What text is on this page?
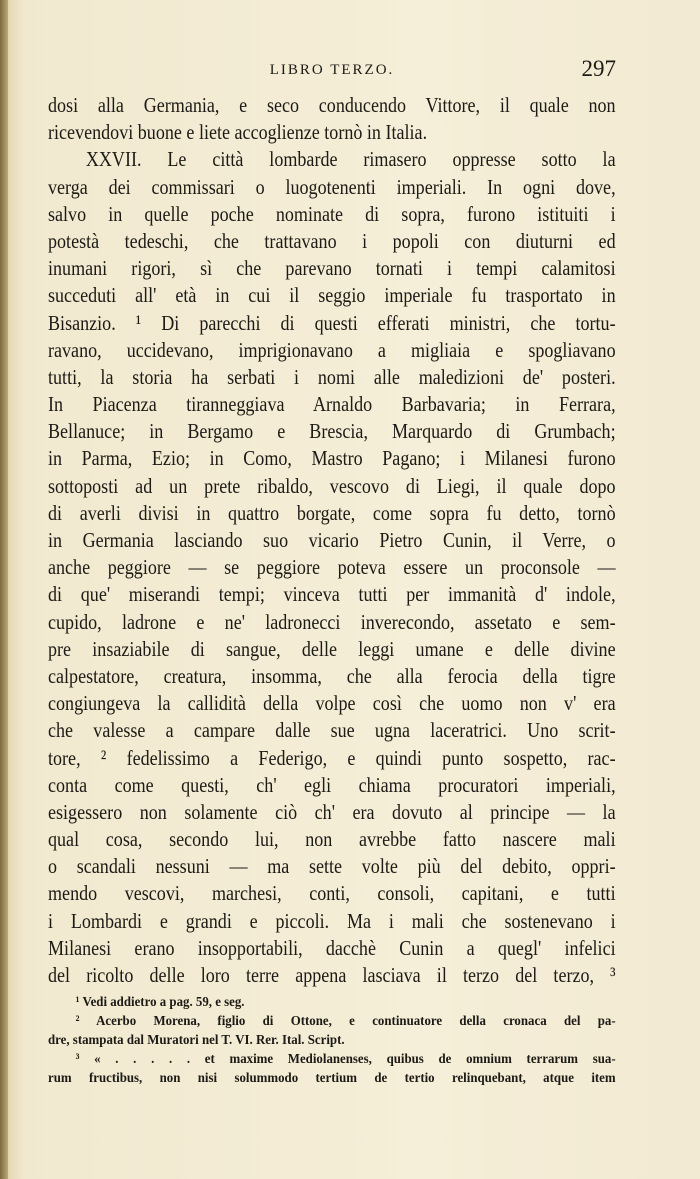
LIBRO TERZO.	297
dosi alla Germania, e seco conducendo Vittore, il quale non
ricevendovi buone e liete accoglienze tornò in Italia.
XXVII. Le città lombarde rimasero oppresse sotto la
verga dei commissari o luogotenenti imperiali. In ogni dove,
salvo in quelle poche nominate di sopra, furono istituiti i
potestà tedeschi, che trattavano i popoli con diuturni ed
inumani rigori, sì che parevano tornati i tempi calamitosi
succeduti all' età in cui il seggio imperiale fu trasportato in
Bisanzio. ¹ Di parecchi di questi efferati ministri, che tortu-
ravano, uccidevano, imprigionavano a migliaia e spogliavano
tutti, la storia ha serbati i nomi alle maledizioni de' posteri.
In Piacenza tiranneggiava Arnaldo Barbavaria; in Ferrara,
Bellanuce; in Bergamo e Brescia, Marquardo di Grumbach;
in Parma, Ezio; in Como, Mastro Pagano; i Milanesi furono
sottoposti ad un prete ribaldo, vescovo di Liegi, il quale dopo
di averli divisi in quattro borgate, come sopra fu detto, tornò
in Germania lasciando suo vicario Pietro Cunin, il Verre, o
anche peggiore — se peggiore poteva essere un proconsole —
di que' miserandi tempi; vinceva tutti per immanità d' indole,
cupido, ladrone e ne' ladronecci inverecondo, assetato e sem-
pre insaziabile di sangue, delle leggi umane e delle divine
calpestatore, creatura, insomma, che alla ferocia della tigre
congiungeva la callidità della volpe così che uomo non v' era
che valesse a campare dalle sue ugna laceratrici. Uno scrit-
tore, ² fedelissimo a Federigo, e quindi punto sospetto, rac-
conta come questi, ch' egli chiama procuratori imperiali,
esigessero non solamente ciò ch' era dovuto al principe — la
qual cosa, secondo lui, non avrebbe fatto nascere mali
o scandali nessuni — ma sette volte più del debito, oppri-
mendo vescovi, marchesi, conti, consoli, capitani, e tutti
i Lombardi e grandi e piccoli. Ma i mali che sostenevano i
Milanesi erano insopportabili, dacchè Cunin a quegl' infelici
del ricolto delle loro terre appena lasciava il terzo del terzo, ³
¹ Vedi addietro a pag. 59, e seg.
² Acerbo Morena, figlio di Ottone, e continuatore della cronaca del pa-
dre, stampata dal Muratori nel T. VI. Rer. Ital. Script.
³ « . . . . . et maxime Mediolanenses, quibus de omnium terrarum sua-
rum fructibus, non nisi solummodo tertium de tertio relinquebant, atque item
